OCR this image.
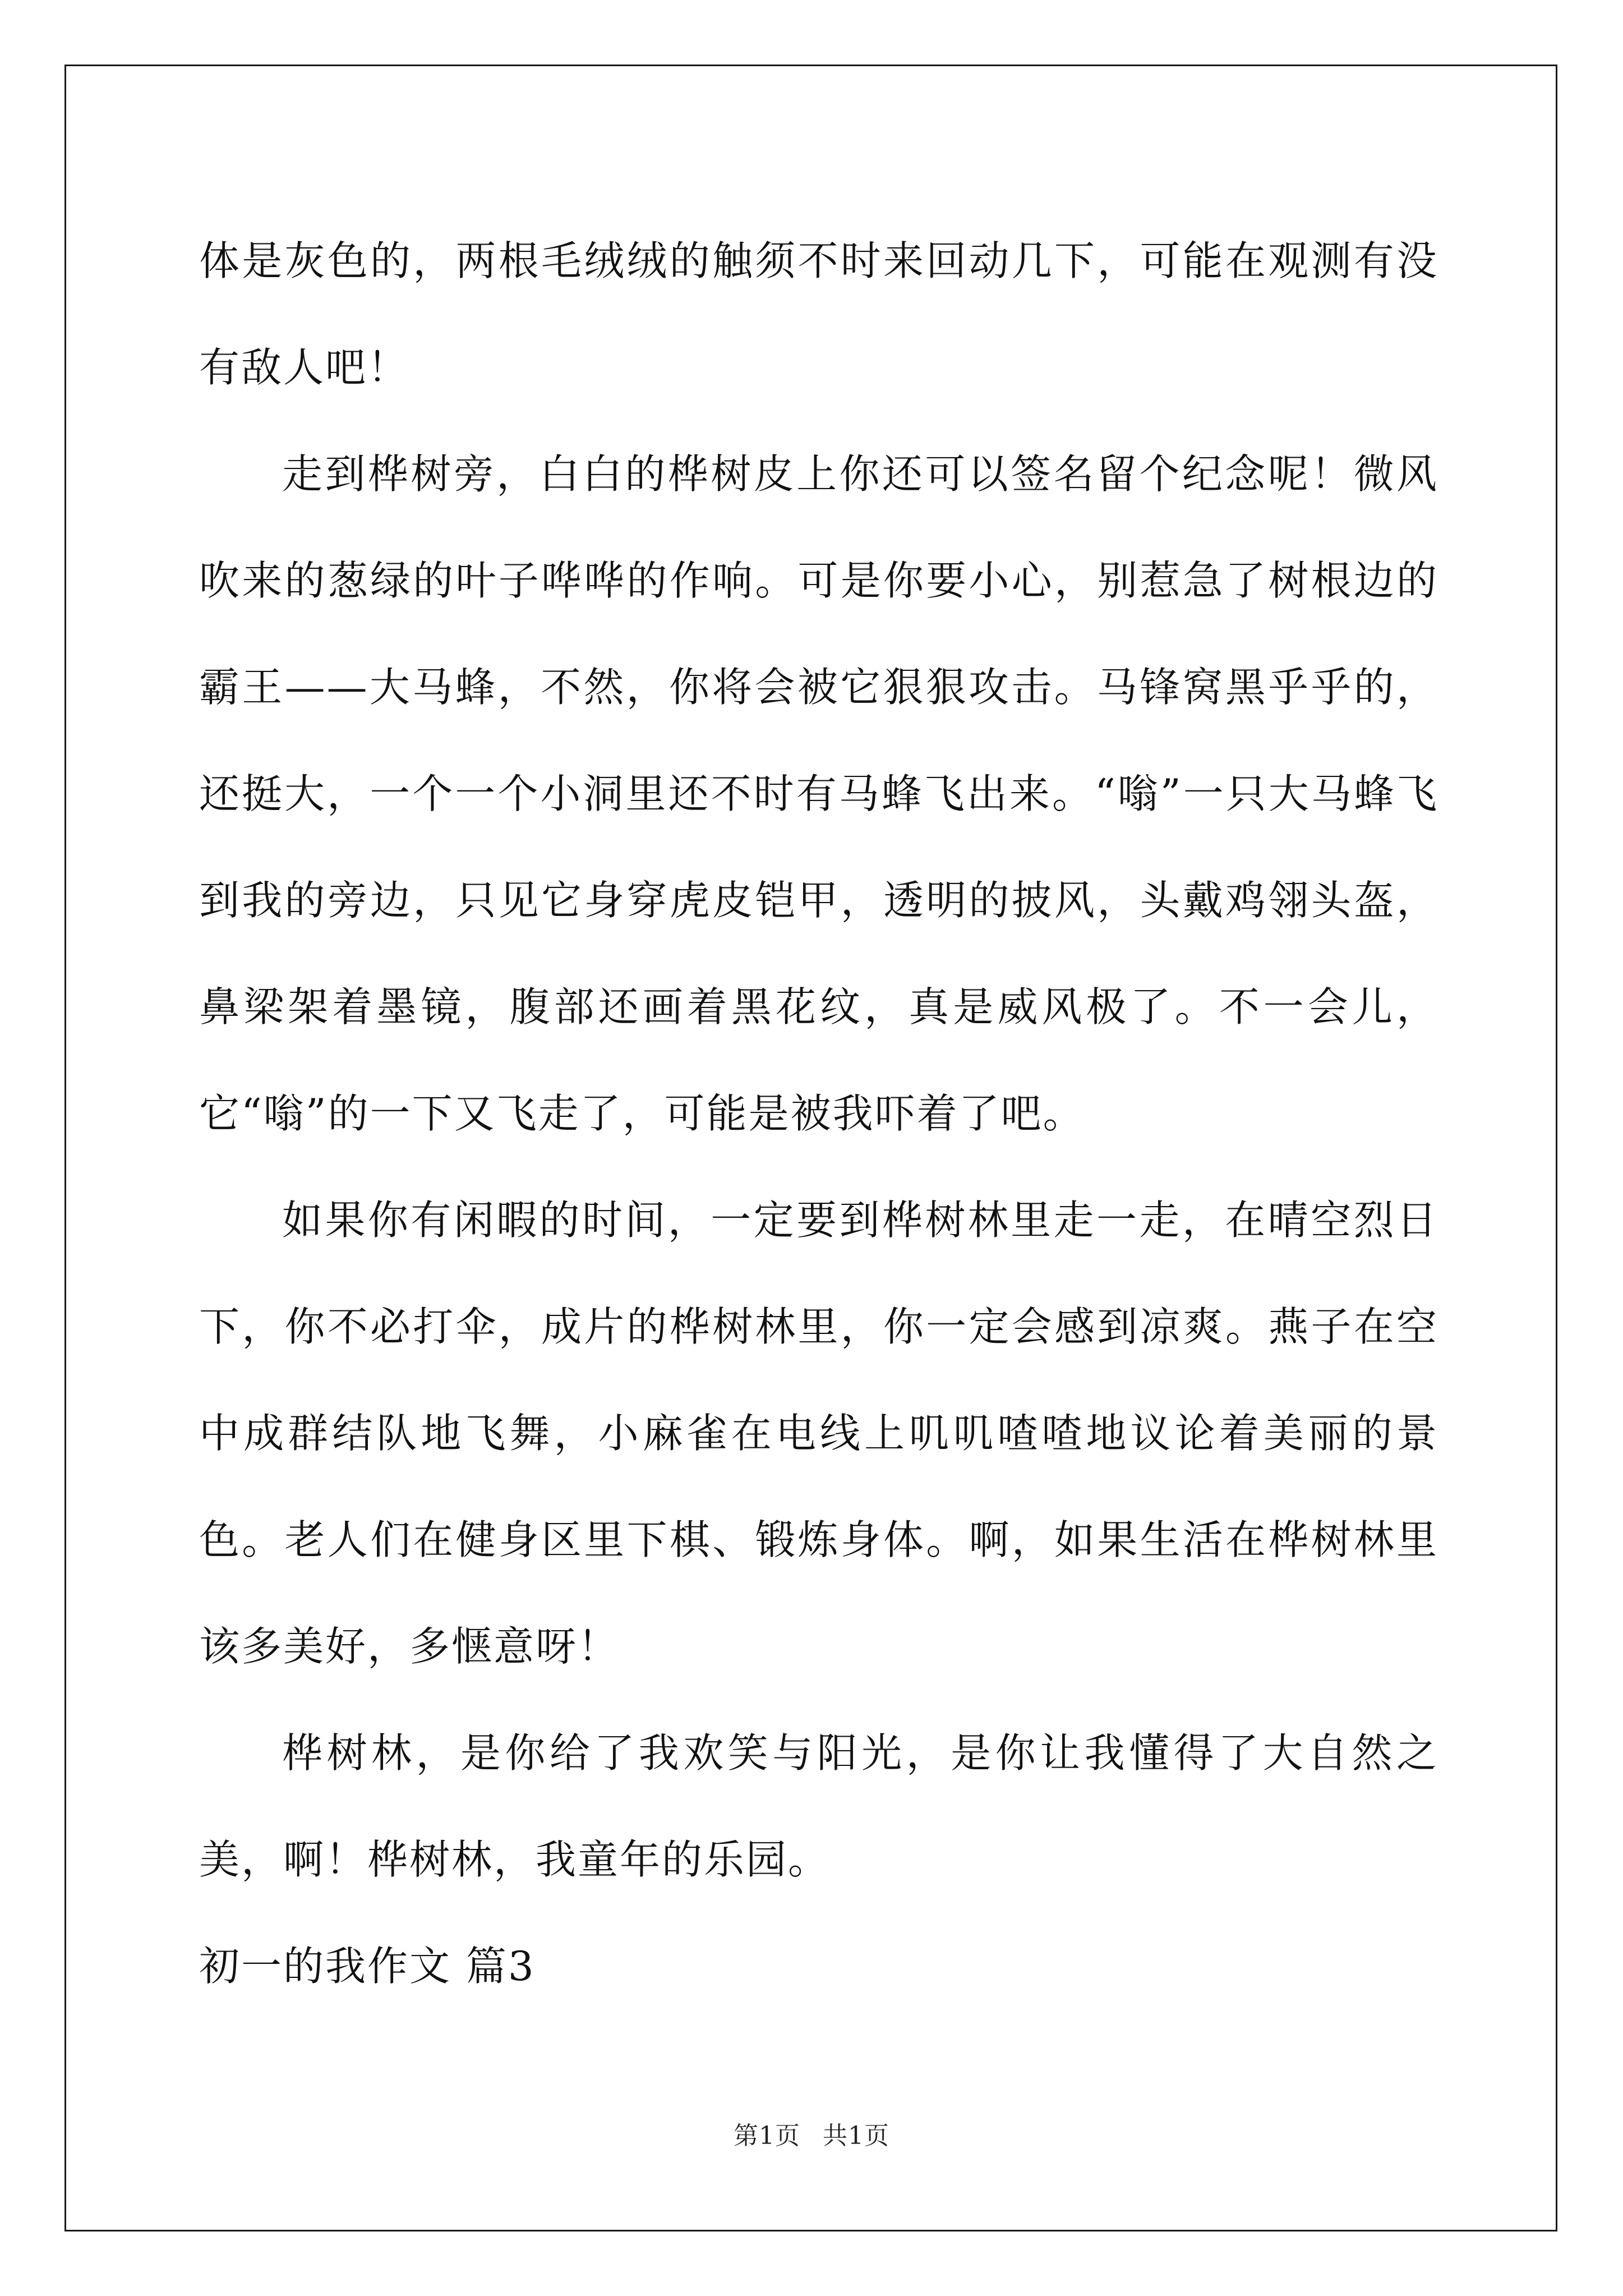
体是灰色的，两根毛绒绒的触须不时来回动几下，可能在观测有没有敌人吧！

走到桦树旁，白白的桦树皮上你还可以签名留个纪念呢！微风吹来的葱绿的叶子哗哗的作响。可是你要小心，别惹急了树根边的霸王——大马蜂，不然，你将会被它狠狠攻击。马锋窝黑乎乎的，还挺大，一个一个小洞里还不时有马蜂飞出来。“嗡”一只大马蜂飞到我的旁边，只见它身穿虎皮铠甲，透明的披风，头戴鸡翎头盔，鼻梁架着墨镜，腹部还画着黑花纹，真是威风极了。不一会儿，它“嗡”的一下又飞走了，可能是被我吓着了吧。

如果你有闲暇的时间，一定要到桦树林里走一走，在晴空烈日下，你不必打伞，成片的桦树林里，你一定会感到凉爽。燕子在空中成群结队地飞舞，小麻雀在电线上叽叽喳喳地议论着美丽的景色。老人们在健身区里下棋、锻炼身体。啊，如果生活在桦树林里该多美好，多惬意呀！

桦树林，是你给了我欢笑与阳光，是你让我懂得了大自然之美，啊！桦树林，我童年的乐园。

初一的我作文 篇3

第1页 共1页
